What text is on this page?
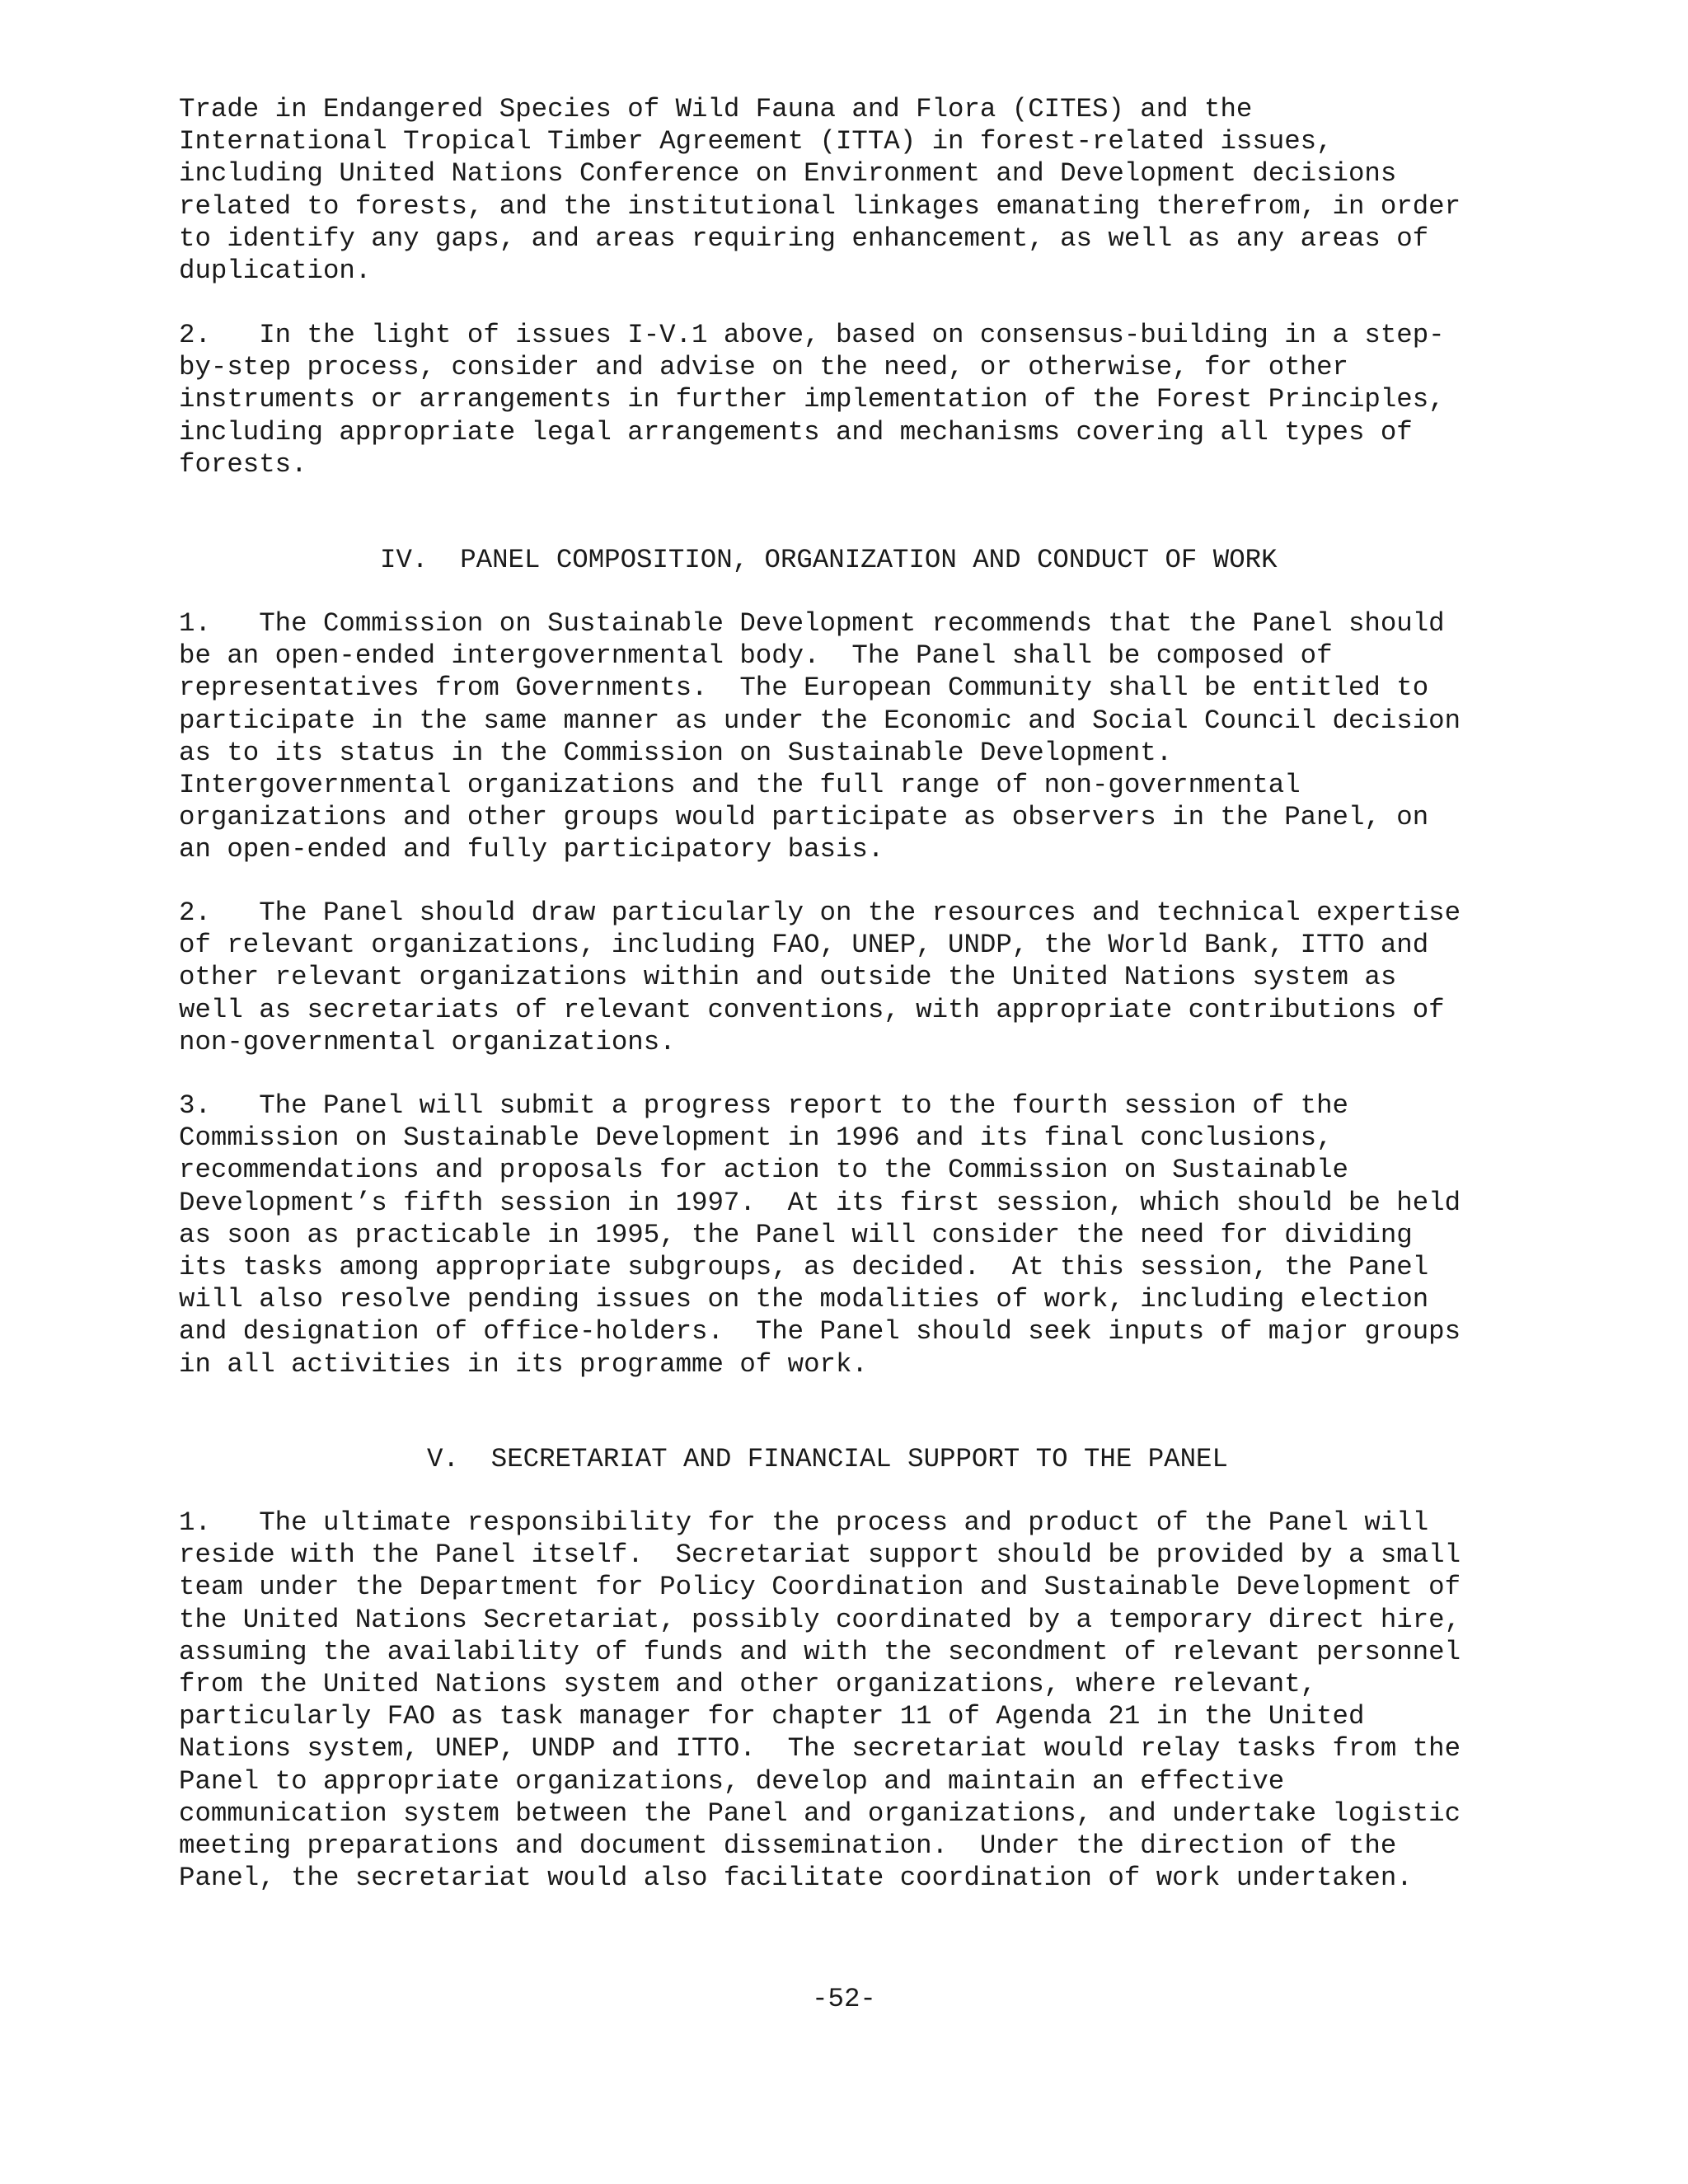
Trade in Endangered Species of Wild Fauna and Flora (CITES) and the
International Tropical Timber Agreement (ITTA) in forest-related issues,
including United Nations Conference on Environment and Development decisions
related to forests, and the institutional linkages emanating therefrom, in order
to identify any gaps, and areas requiring enhancement, as well as any areas of
duplication.

2.   In the light of issues I-V.1 above, based on consensus-building in a step-
by-step process, consider and advise on the need, or otherwise, for other
instruments or arrangements in further implementation of the Forest Principles,
including appropriate legal arrangements and mechanisms covering all types of
forests.

IV.  PANEL COMPOSITION, ORGANIZATION AND CONDUCT OF WORK

1.   The Commission on Sustainable Development recommends that the Panel should
be an open-ended intergovernmental body.  The Panel shall be composed of
representatives from Governments.  The European Community shall be entitled to
participate in the same manner as under the Economic and Social Council decision
as to its status in the Commission on Sustainable Development.
Intergovernmental organizations and the full range of non-governmental
organizations and other groups would participate as observers in the Panel, on
an open-ended and fully participatory basis.

2.   The Panel should draw particularly on the resources and technical expertise
of relevant organizations, including FAO, UNEP, UNDP, the World Bank, ITTO and
other relevant organizations within and outside the United Nations system as
well as secretariats of relevant conventions, with appropriate contributions of
non-governmental organizations.

3.   The Panel will submit a progress report to the fourth session of the
Commission on Sustainable Development in 1996 and its final conclusions,
recommendations and proposals for action to the Commission on Sustainable
Development’s fifth session in 1997.  At its first session, which should be held
as soon as practicable in 1995, the Panel will consider the need for dividing
its tasks among appropriate subgroups, as decided.  At this session, the Panel
will also resolve pending issues on the modalities of work, including election
and designation of office-holders.  The Panel should seek inputs of major groups
in all activities in its programme of work.

V.  SECRETARIAT AND FINANCIAL SUPPORT TO THE PANEL

1.   The ultimate responsibility for the process and product of the Panel will
reside with the Panel itself.  Secretariat support should be provided by a small
team under the Department for Policy Coordination and Sustainable Development of
the United Nations Secretariat, possibly coordinated by a temporary direct hire,
assuming the availability of funds and with the secondment of relevant personnel
from the United Nations system and other organizations, where relevant,
particularly FAO as task manager for chapter 11 of Agenda 21 in the United
Nations system, UNEP, UNDP and ITTO.  The secretariat would relay tasks from the
Panel to appropriate organizations, develop and maintain an effective
communication system between the Panel and organizations, and undertake logistic
meeting preparations and document dissemination.  Under the direction of the
Panel, the secretariat would also facilitate coordination of work undertaken.

-52-
